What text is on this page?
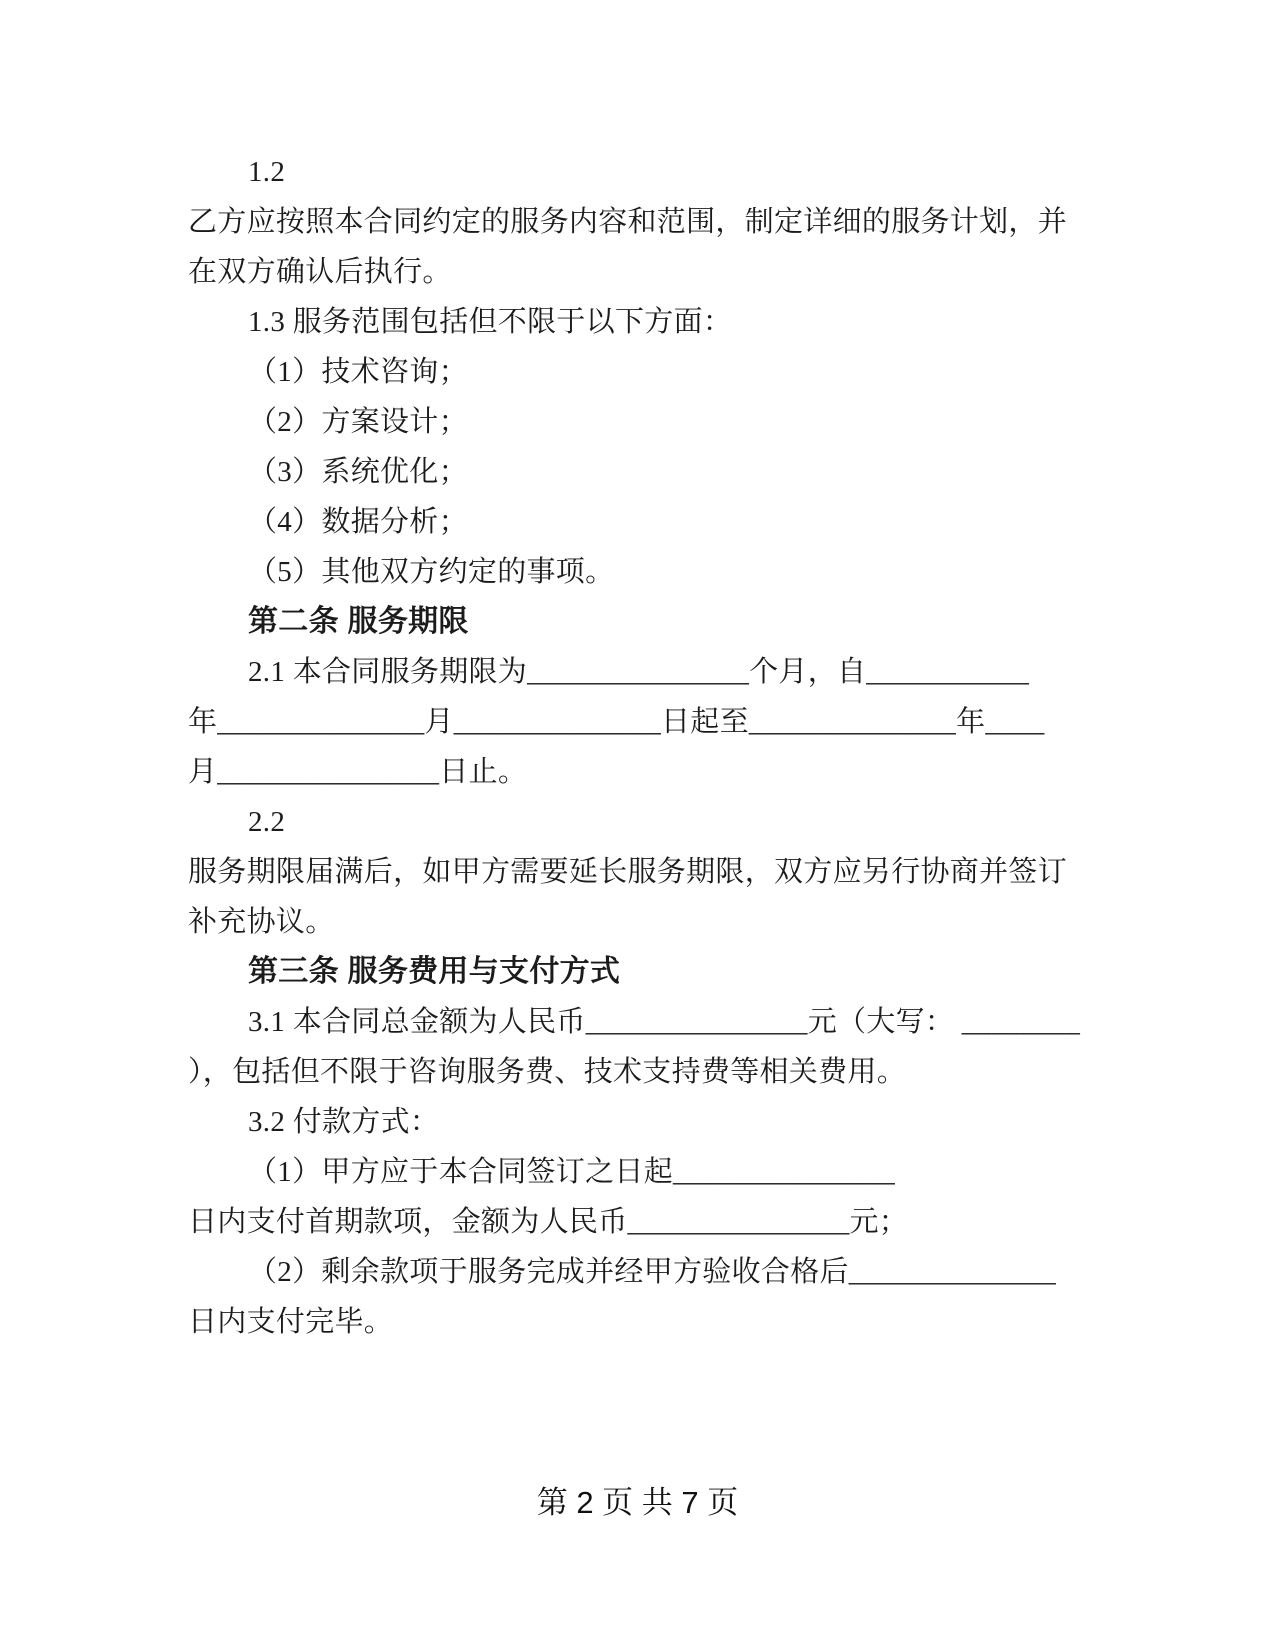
1.2

乙方应按照本合同约定的服务内容和范围，制定详细的服务计划，并

在双方确认后执行。

1.3 服务范围包括但不限于以下方面：

（1）技术咨询；

（2）方案设计；

（3）系统优化；

（4）数据分析；

（5）其他双方约定的事项。

第二条 服务期限

2.1 本合同服务期限为_______________个月，自___________

年______________月______________日起至______________年____

月_______________日止。

2.2

服务期限届满后，如甲方需要延长服务期限，双方应另行协商并签订

补充协议。

第三条 服务费用与支付方式

3.1 本合同总金额为人民币_______________元（大写： ________

），包括但不限于咨询服务费、技术支持费等相关费用。

3.2 付款方式：

（1）甲方应于本合同签订之日起_______________

日内支付首期款项，金额为人民币_______________元；

（2）剩余款项于服务完成并经甲方验收合格后______________

日内支付完毕。

第 2 页 共 7 页
